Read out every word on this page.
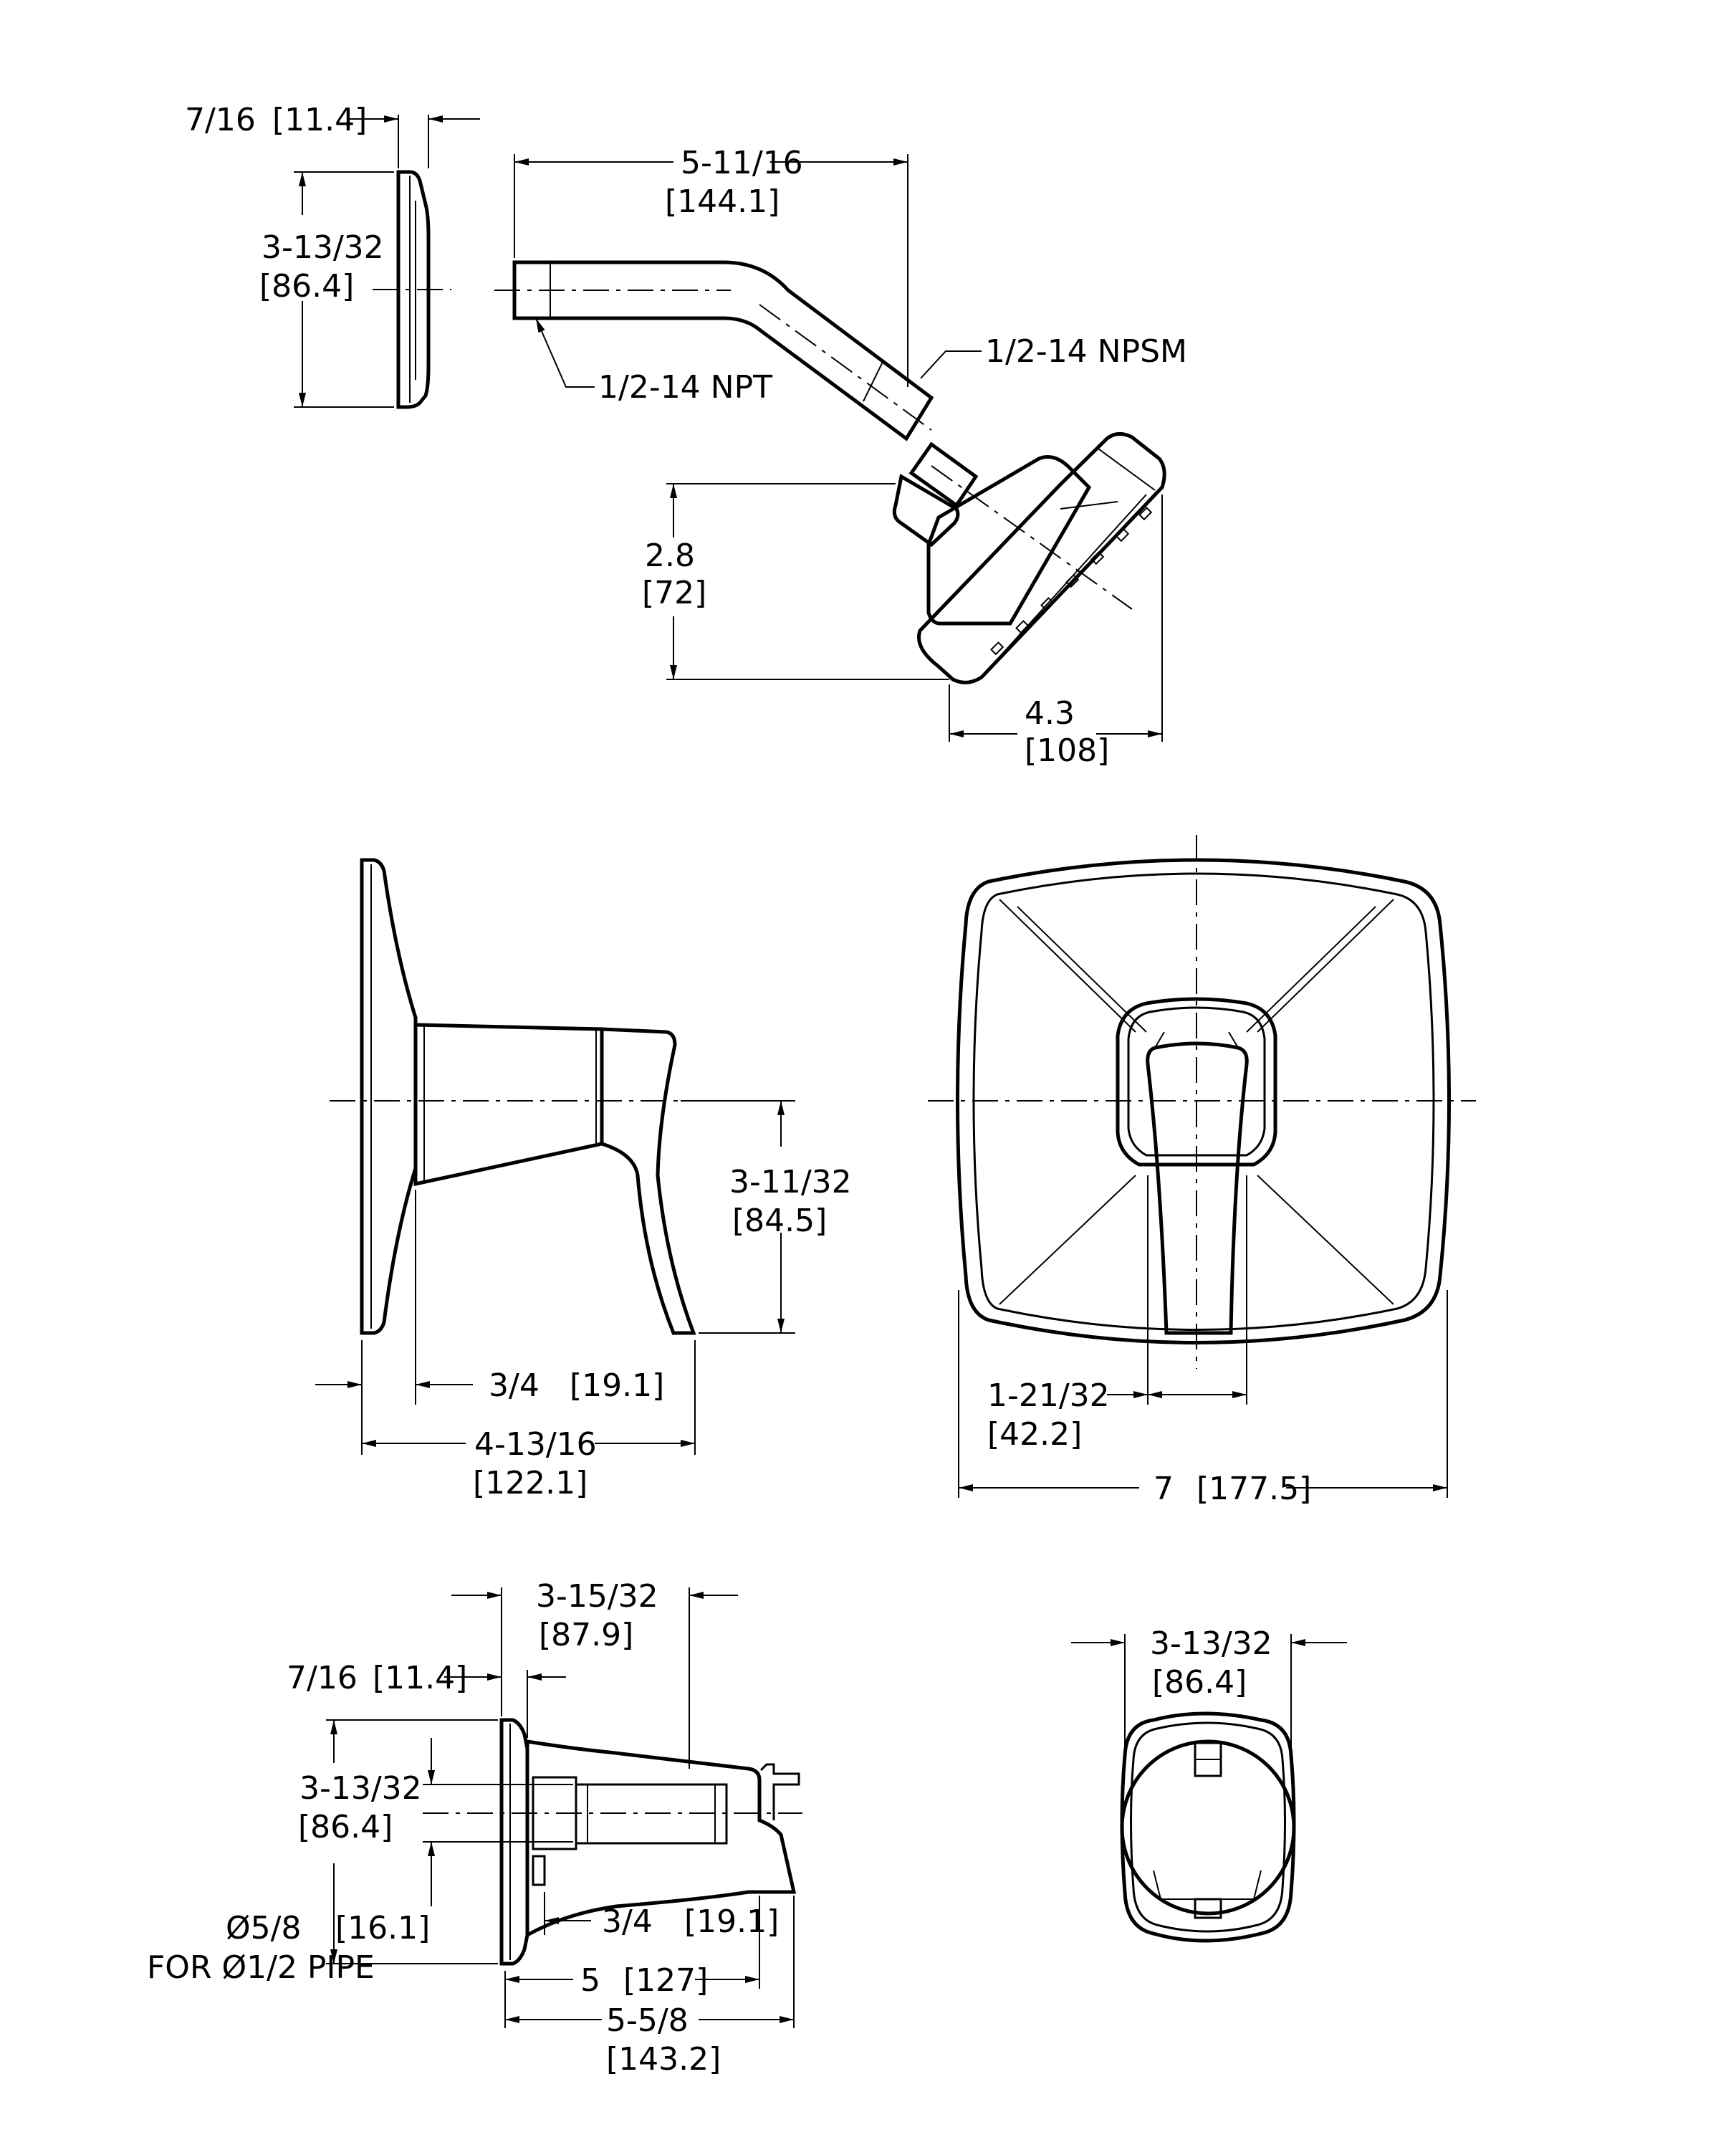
7/16 [11.4]
3-13/32
[86.4]
5-11/16
[144.1]
1/2-14 NPT
1/2-14 NPSM
2.8
[72]
4.3
[108]
3-11/32
[84.5]
3/4 [19.1]
4-13/16
[122.1]
1-21/32
[42.2]
7 [177.5]
3-15/32
[87.9]
7/16 [11.4]
3-13/32
[86.4]
Ø5/8 [16.1]
FOR Ø1/2 PIPE
3/4 [19.1]
5 [127]
5-5/8
[143.2]
3-13/32
[86.4]
